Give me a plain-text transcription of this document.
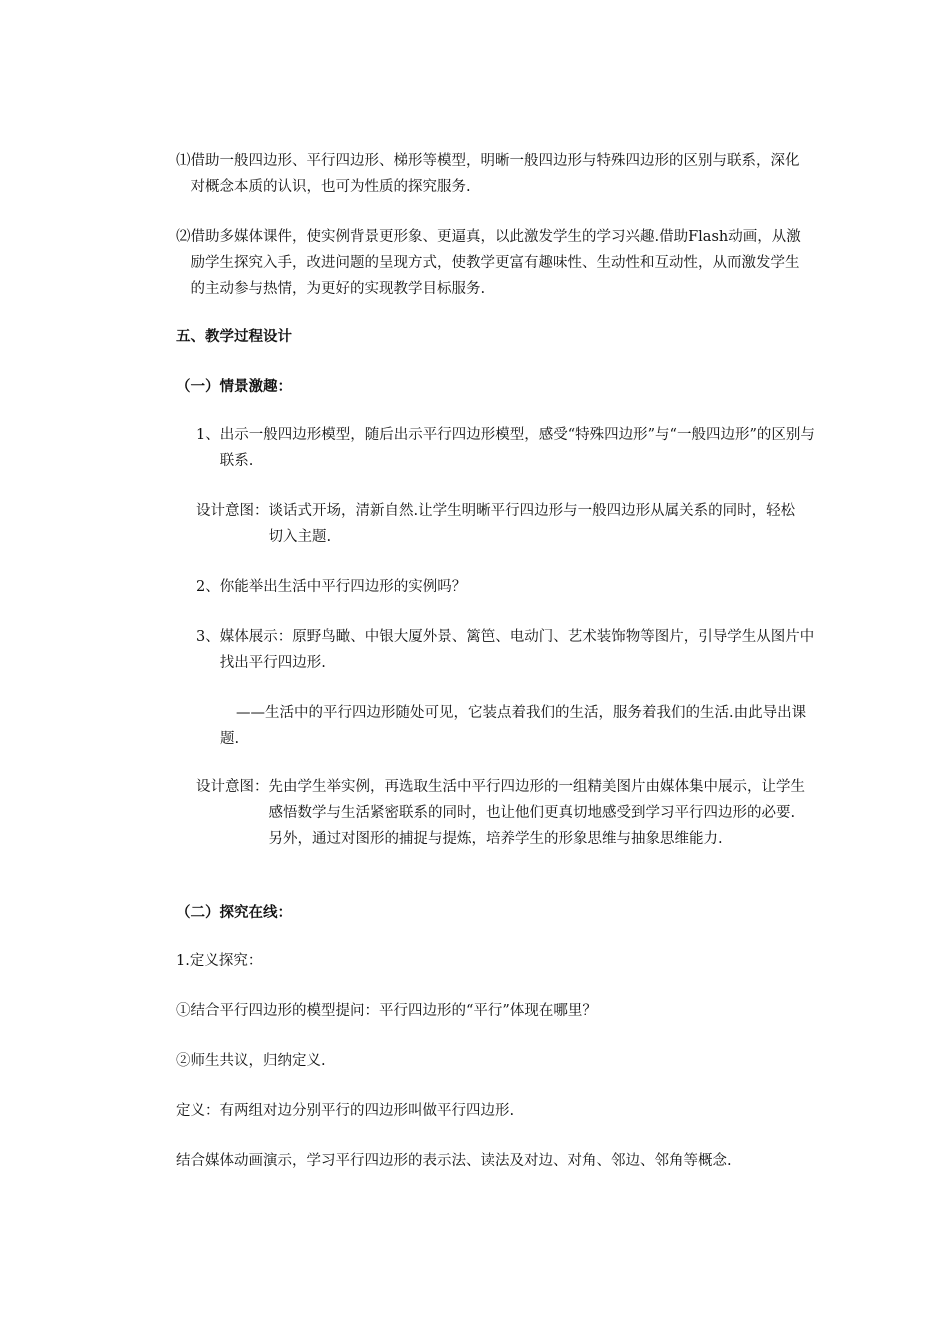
⑴ 借助一般四边形、平行四边形、梯形等模型，明晰一般四边形与特殊四边形的区别与联系，深化对概念本质的认识，也可为性质的探究服务.
⑵ 借助多媒体课件，使实例背景更形象、更逼真，以此激发学生的学习兴趣.借助Flash动画，从激励学生探究入手，改进问题的呈现方式，使教学更富有趣味性、生动性和互动性，从而激发学生的主动参与热情，为更好的实现教学目标服务.
五、教学过程设计
（一）情景激趣：
1、 出示一般四边形模型，随后出示平行四边形模型，感受“特殊四边形”与“一般四边形”的区别与联系.
设计意图： 谈话式开场，清新自然.让学生明晰平行四边形与一般四边形从属关系的同时，轻松切入主题.
2、 你能举出生活中平行四边形的实例吗？
3、 媒体展示：原野鸟瞰、中银大厦外景、篱笆、电动门、艺术装饰物等图片，引导学生从图片中找出平行四边形.
——生活中的平行四边形随处可见，它装点着我们的生活，服务着我们的生活.由此导出课题.
设计意图： 先由学生举实例，再选取生活中平行四边形的一组精美图片由媒体集中展示，让学生感悟数学与生活紧密联系的同时，也让他们更真切地感受到学习平行四边形的必要.另外，通过对图形的捕捉与提炼，培养学生的形象思维与抽象思维能力.
（二）探究在线：
1.定义探究：
①结合平行四边形的模型提问：平行四边形的“平行”体现在哪里？
②师生共议，归纳定义.
定义：有两组对边分别平行的四边形叫做平行四边形.
结合媒体动画演示，学习平行四边形的表示法、读法及对边、对角、邻边、邻角等概念.
